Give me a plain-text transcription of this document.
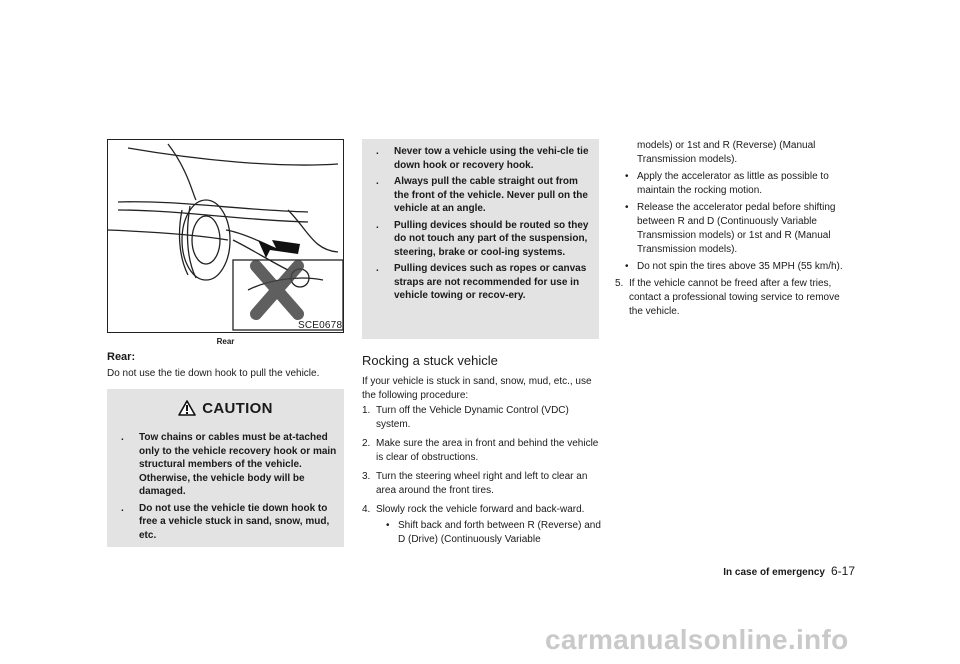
SCE0678
Rear
Rear:
Do not use the tie down hook to pull the vehicle.
CAUTION
. Tow chains or cables must be at-tached only to the vehicle recovery hook or main structural members of the vehicle. Otherwise, the vehicle body will be damaged.
. Do not use the vehicle tie down hook to free a vehicle stuck in sand, snow, mud, etc.
. Never tow a vehicle using the vehi-cle tie down hook or recovery hook.
. Always pull the cable straight out from the front of the vehicle. Never pull on the vehicle at an angle.
. Pulling devices should be routed so they do not touch any part of the suspension, steering, brake or cool-ing systems.
. Pulling devices such as ropes or canvas straps are not recommended for use in vehicle towing or recov-ery.
Rocking a stuck vehicle
If your vehicle is stuck in sand, snow, mud, etc., use the following procedure:
1. Turn off the Vehicle Dynamic Control (VDC) system.
2. Make sure the area in front and behind the vehicle is clear of obstructions.
3. Turn the steering wheel right and left to clear an area around the front tires.
4. Slowly rock the vehicle forward and back-ward.
• Shift back and forth between R (Reverse) and D (Drive) (Continuously Variable
models) or 1st and R (Reverse) (Manual Transmission models).
• Apply the accelerator as little as possible to maintain the rocking motion.
• Release the accelerator pedal before shifting between R and D (Continuously Variable Transmission models) or 1st and R (Manual Transmission models).
• Do not spin the tires above 35 MPH (55 km/h).
5. If the vehicle cannot be freed after a few tries, contact a professional towing service to remove the vehicle.
In case of emergency 6-17
carmanualsonline.info
